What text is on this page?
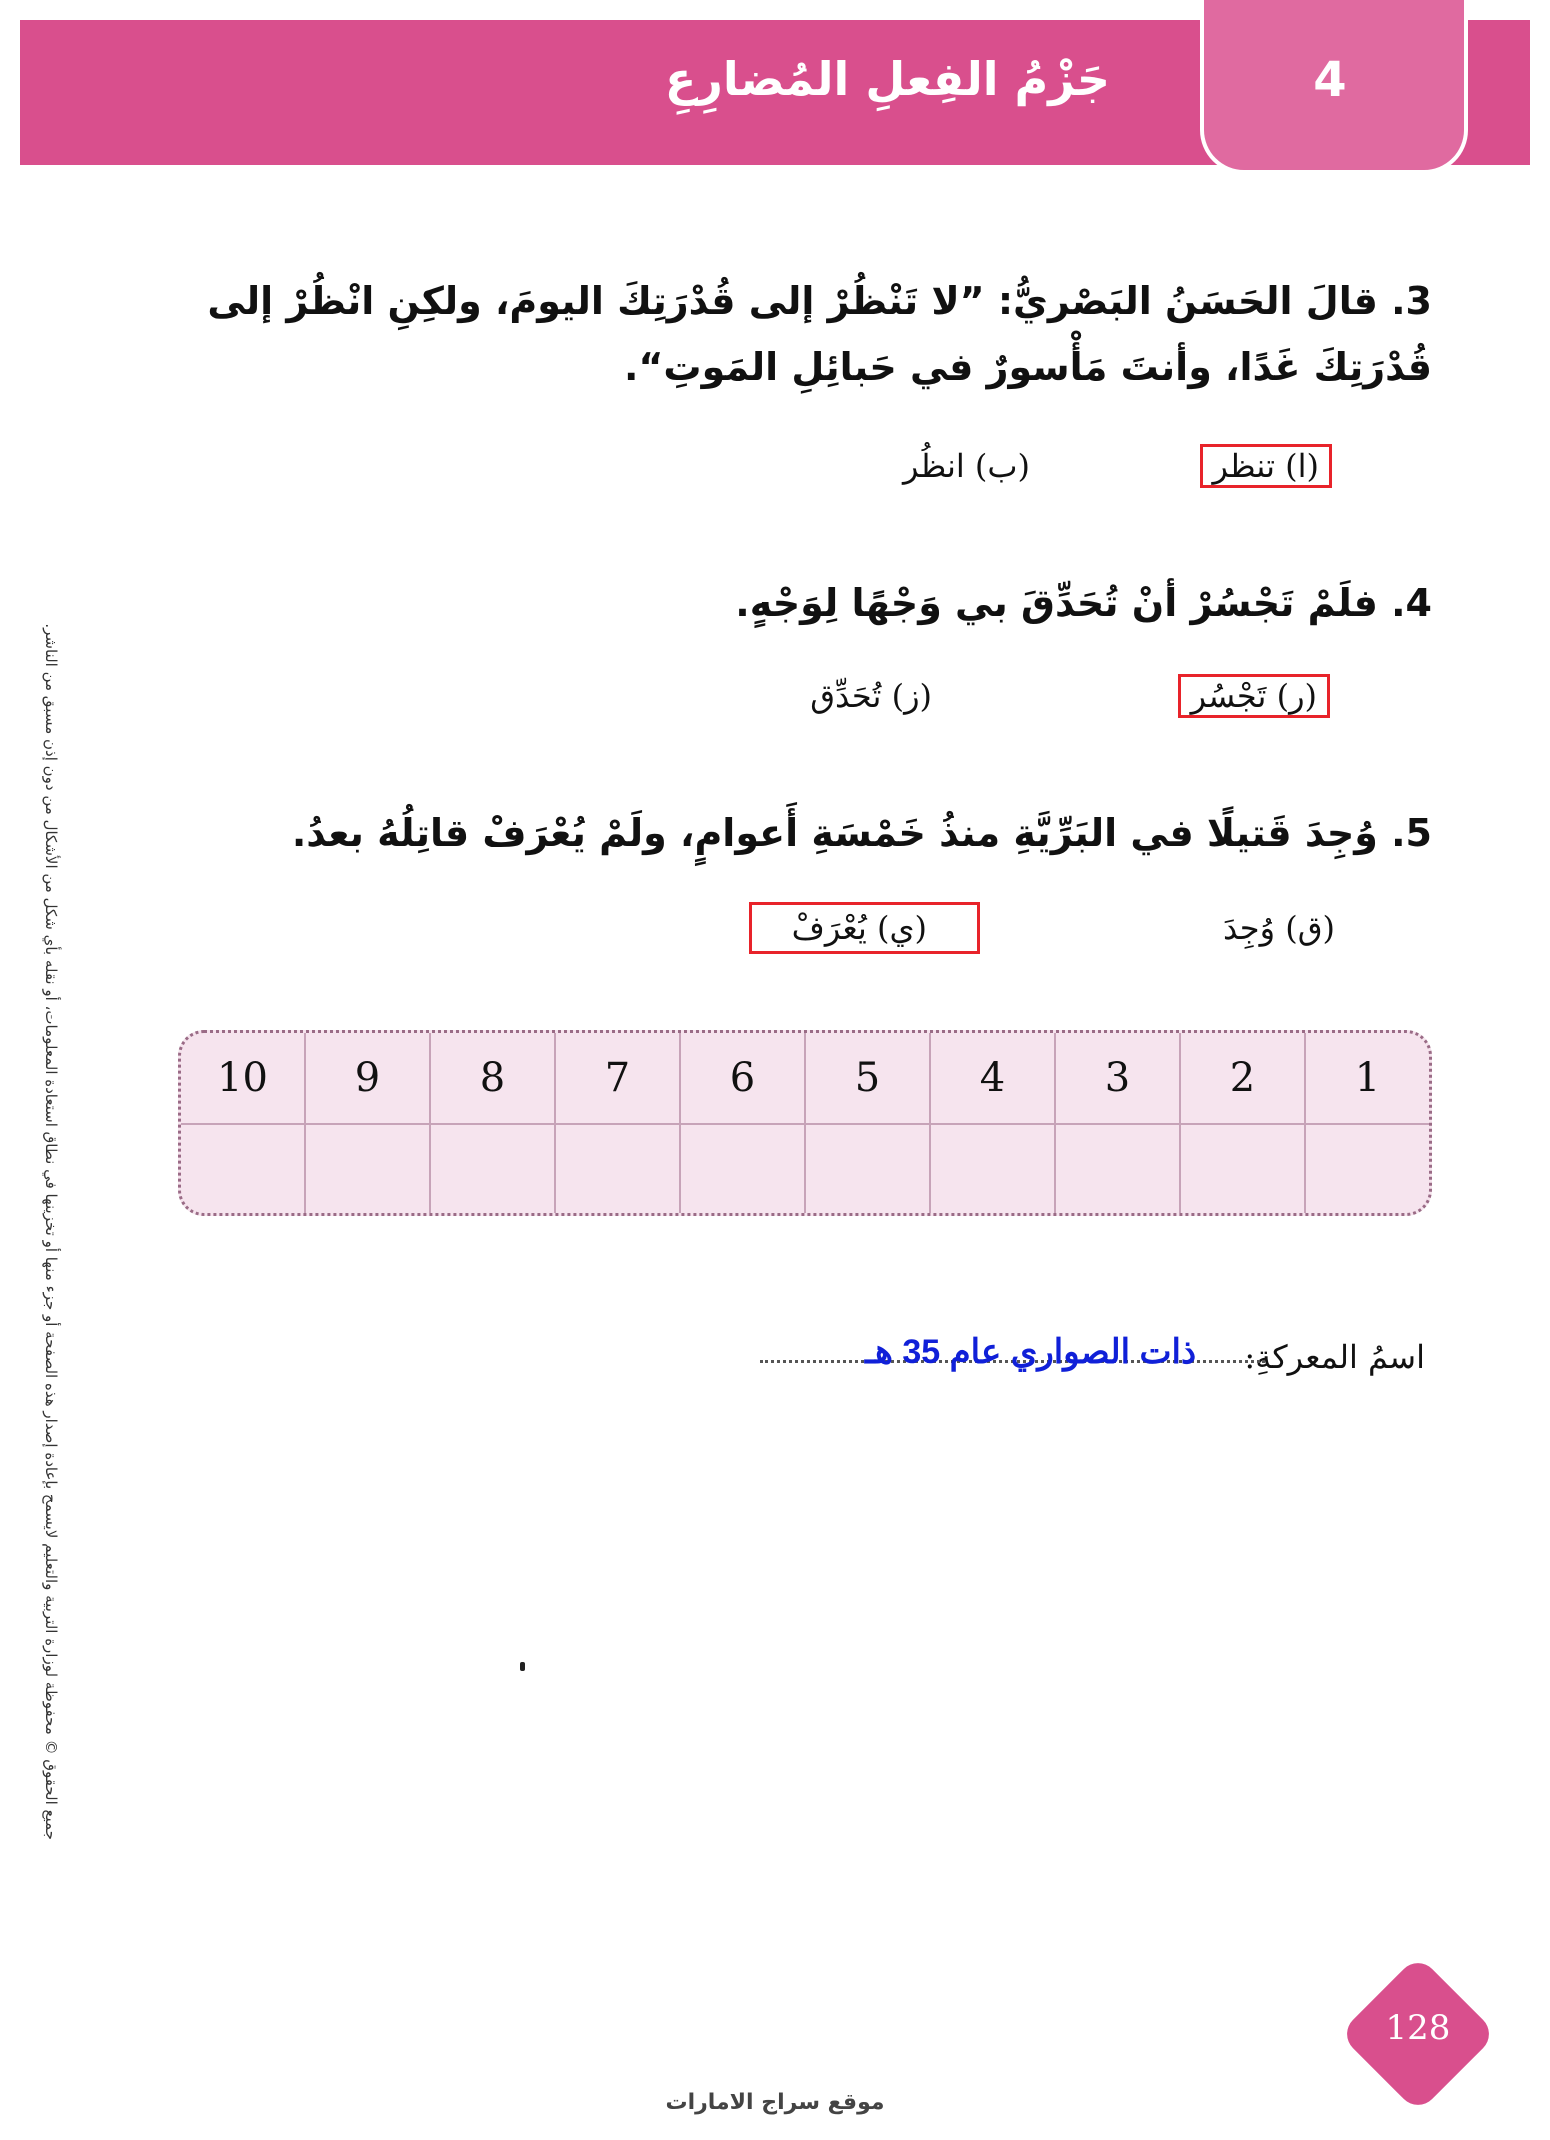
4
جَزْمُ الفِعلِ المُضارِعِ
جميع الحقوق © محفوظة لوزارة التربية والتعليم لايسمح بإعادة إصدار هذه الصفحة أو جزء منها أو تخزينها في نطاق استعادة المعلومات، أو نقله بأي شكل من الأشكال من دون إذن مسبق من الناشر.
3. قالَ الحَسَنُ البَصْريُّ: ”لا تَنْظُرْ إلى قُدْرَتِكَ اليومَ، ولكِنِ انْظُرْ إلى قُدْرَتِكَ غَدًا، وأنتَ مَأْسورٌ في حَبائِلِ المَوتِ“.
(ا) تنظر
(ب) انظُر
4. فلَمْ تَجْسُرْ أنْ تُحَدِّقَ بي وَجْهًا لِوَجْهٍ.
(ر) تَجْسُر
(ز) تُحَدِّق
5. وُجِدَ قَتيلًا في البَرِّيَّةِ منذُ خَمْسَةِ أَعوامٍ، ولَمْ يُعْرَفْ قاتِلُهُ بعدُ.
(ق) وُجِدَ
(ي) يُعْرَفْ
1
2
3
4
5
6
7
8
9
10
اسمُ المعركةِ:
ذات الصواري عام 35 هـ
128
موقع سراج الامارات
